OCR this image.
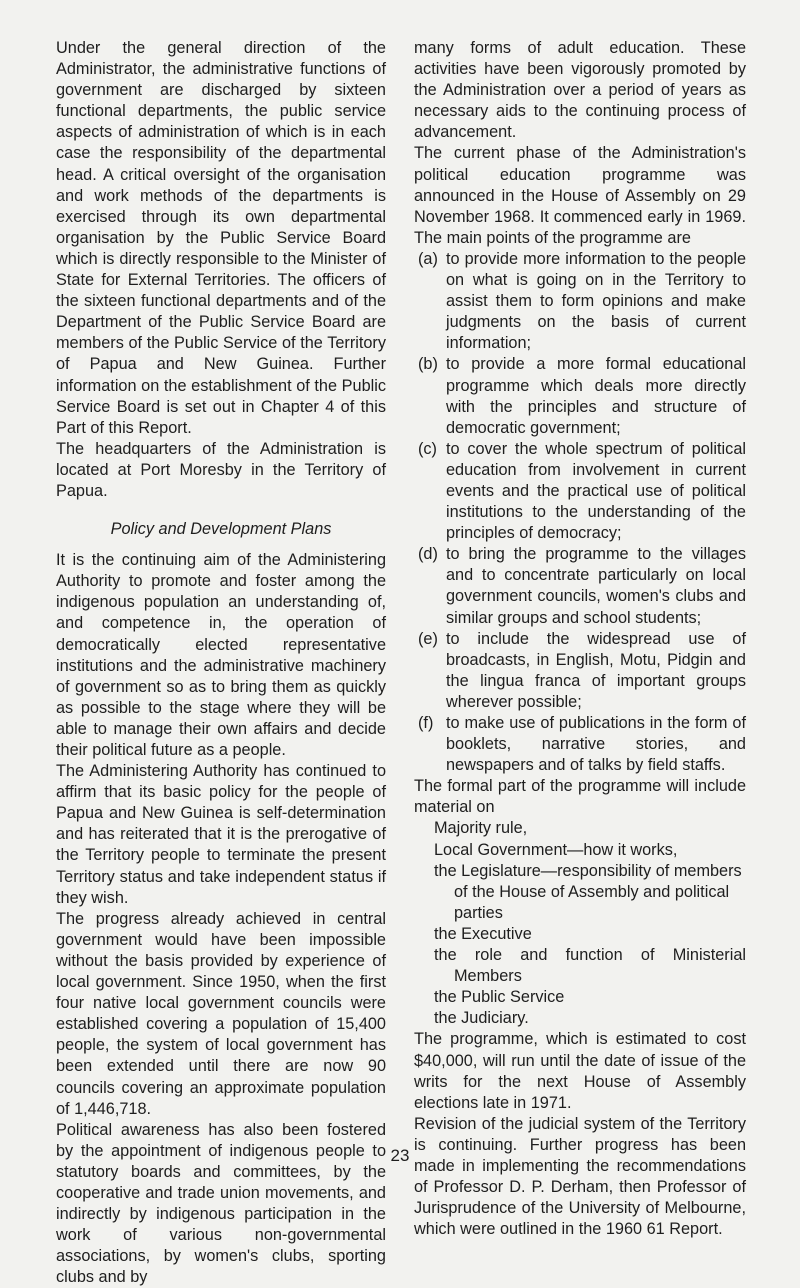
Under the general direction of the Administrator, the administrative functions of government are discharged by sixteen functional departments, the public service aspects of administration of which is in each case the responsibility of the departmental head. A critical oversight of the organisation and work methods of the departments is exercised through its own departmental organisation by the Public Service Board which is directly responsible to the Minister of State for External Territories. The officers of the sixteen functional departments and of the Department of the Public Service Board are members of the Public Service of the Territory of Papua and New Guinea. Further information on the establishment of the Public Service Board is set out in Chapter 4 of this Part of this Report.

The headquarters of the Administration is located at Port Moresby in the Territory of Papua.

Policy and Development Plans

It is the continuing aim of the Administering Authority to promote and foster among the indigenous population an understanding of, and competence in, the operation of democratically elected representative institutions and the administrative machinery of government so as to bring them as quickly as possible to the stage where they will be able to manage their own affairs and decide their political future as a people.

The Administering Authority has continued to affirm that its basic policy for the people of Papua and New Guinea is self-determination and has reiterated that it is the prerogative of the Territory people to terminate the present Territory status and take independent status if they wish.

The progress already achieved in central government would have been impossible without the basis provided by experience of local government. Since 1950, when the first four native local government councils were established covering a population of 15,400 people, the system of local government has been extended until there are now 90 councils covering an approximate population of 1,446,718.

Political awareness has also been fostered by the appointment of indigenous people to statutory boards and committees, by the cooperative and trade union movements, and indirectly by indigenous participation in the work of various non-governmental associations, by women's clubs, sporting clubs and by

many forms of adult education. These activities have been vigorously promoted by the Administration over a period of years as necessary aids to the continuing process of advancement.

The current phase of the Administration's political education programme was announced in the House of Assembly on 29 November 1968. It commenced early in 1969. The main points of the programme are

(a) to provide more information to the people on what is going on in the Territory to assist them to form opinions and make judgments on the basis of current information;
(b) to provide a more formal educational programme which deals more directly with the principles and structure of democratic government;
(c) to cover the whole spectrum of political education from involvement in current events and the practical use of political institutions to the understanding of the principles of democracy;
(d) to bring the programme to the villages and to concentrate particularly on local government councils, women's clubs and similar groups and school students;
(e) to include the widespread use of broadcasts, in English, Motu, Pidgin and the lingua franca of important groups wherever possible;
(f) to make use of publications in the form of booklets, narrative stories, and newspapers and of talks by field staffs.

The formal part of the programme will include material on

Majority rule,

Local Government—how it works,

the Legislature—responsibility of members of the House of Assembly and political parties

the Executive

the role and function of Ministerial Members

the Public Service

the Judiciary.

The programme, which is estimated to cost $40,000, will run until the date of issue of the writs for the next House of Assembly elections late in 1971.

Revision of the judicial system of the Territory is continuing. Further progress has been made in implementing the recommendations of Professor D. P. Derham, then Professor of Jurisprudence of the University of Melbourne, which were outlined in the 1960 61 Report.

23
